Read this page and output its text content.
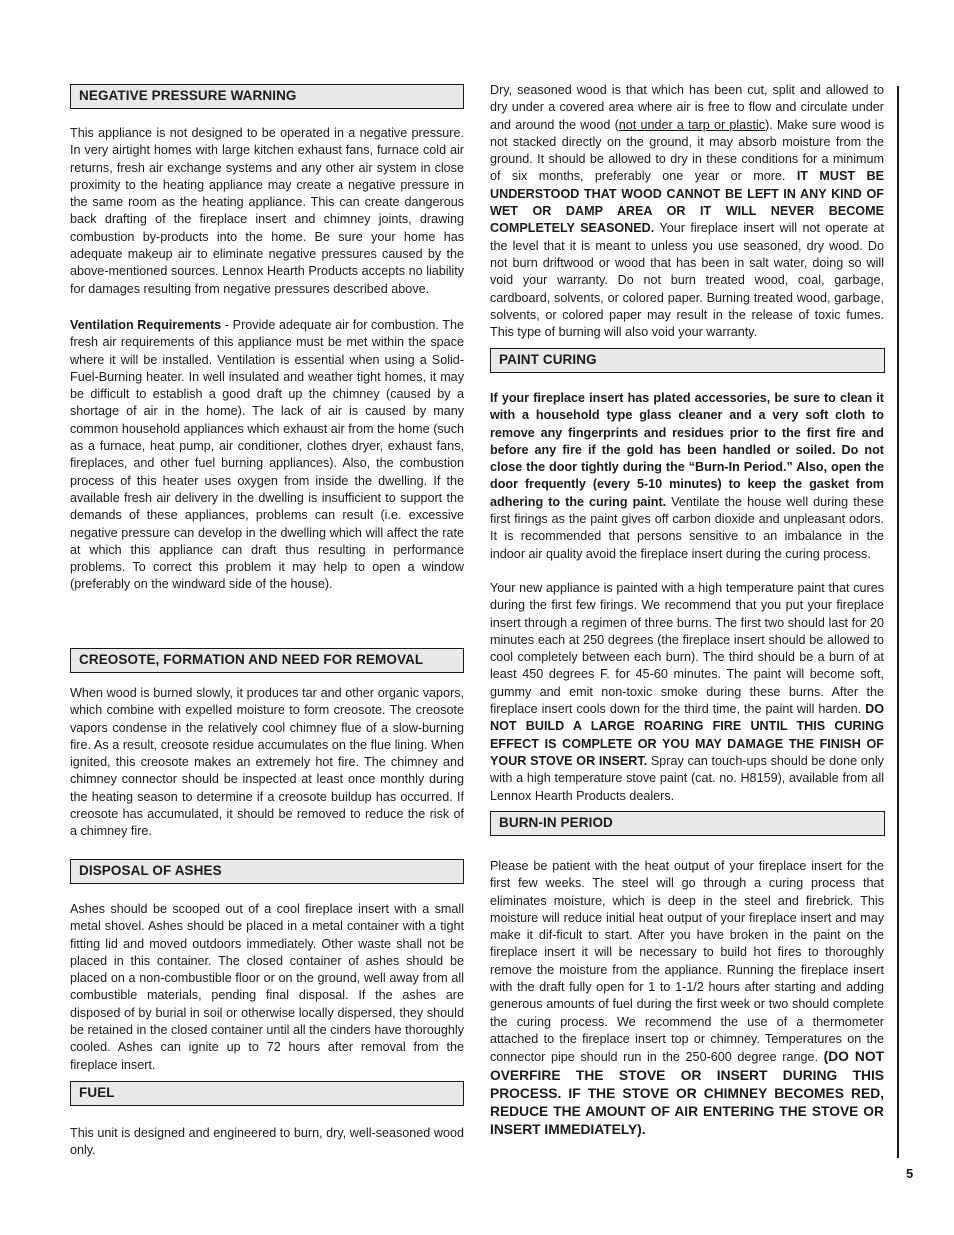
NEGATIVE PRESSURE WARNING

This appliance is not designed to be operated in a negative pressure. In very airtight homes with large kitchen exhaust fans, furnace cold air returns, fresh air exchange systems and any other air system in close proximity to the heating appliance may create a negative pressure in the same room as the heating appliance. This can create dangerous back drafting of the fireplace insert and chimney joints, drawing combustion by-products into the home. Be sure your home has adequate makeup air to eliminate negative pressures caused by the above-mentioned sources. Lennox Hearth Products accepts no liability for damages resulting from negative pressures described above.

Ventilation Requirements - Provide adequate air for combustion. The fresh air requirements of this appliance must be met within the space where it will be installed. Ventilation is essential when using a Solid-Fuel-Burning heater. In well insulated and weather tight homes, it may be difficult to establish a good draft up the chimney (caused by a shortage of air in the home). The lack of air is caused by many common household appliances which exhaust air from the home (such as a furnace, heat pump, air conditioner, clothes dryer, exhaust fans, fireplaces, and other fuel burning appliances). Also, the combustion process of this heater uses oxygen from inside the dwelling. If the available fresh air delivery in the dwelling is insufficient to support the demands of these appliances, problems can result (i.e. excessive negative pressure can develop in the dwelling which will affect the rate at which this appliance can draft thus resulting in performance problems. To correct this problem it may help to open a window (preferably on the windward side of the house).

CREOSOTE, FORMATION AND NEED FOR REMOVAL

When wood is burned slowly, it produces tar and other organic vapors, which combine with expelled moisture to form creosote. The creosote vapors condense in the relatively cool chimney flue of a slow-burning fire. As a result, creosote residue accumulates on the flue lining. When ignited, this creosote makes an extremely hot fire. The chimney and chimney connector should be inspected at least once monthly during the heating season to determine if a creosote buildup has occurred. If creosote has accumulated, it should be removed to reduce the risk of a chimney fire.

DISPOSAL OF ASHES

Ashes should be scooped out of a cool fireplace insert with a small metal shovel. Ashes should be placed in a metal container with a tight fitting lid and moved outdoors immediately. Other waste shall not be placed in this container. The closed container of ashes should be placed on a non-combustible floor or on the ground, well away from all combustible materials, pending final disposal. If the ashes are disposed of by burial in soil or otherwise locally dispersed, they should be retained in the closed container until all the cinders have thoroughly cooled. Ashes can ignite up to 72 hours after removal from the fireplace insert.

FUEL

This unit is designed and engineered to burn, dry, well-seasoned wood only.

Dry, seasoned wood is that which has been cut, split and allowed to dry under a covered area where air is free to flow and circulate under and around the wood (not under a tarp or plastic). Make sure wood is not stacked directly on the ground, it may absorb moisture from the ground. It should be allowed to dry in these conditions for a minimum of six months, preferably one year or more. IT MUST BE UNDERSTOOD THAT WOOD CANNOT BE LEFT IN ANY KIND OF WET OR DAMP AREA OR IT WILL NEVER BECOME COMPLETELY SEASONED. Your fireplace insert will not operate at the level that it is meant to unless you use seasoned, dry wood. Do not burn driftwood or wood that has been in salt water, doing so will void your warranty. Do not burn treated wood, coal, garbage, cardboard, solvents, or colored paper. Burning treated wood, garbage, solvents, or colored paper may result in the release of toxic fumes. This type of burning will also void your warranty.

PAINT CURING

If your fireplace insert has plated accessories, be sure to clean it with a household type glass cleaner and a very soft cloth to remove any fingerprints and residues prior to the first fire and before any fire if the gold has been handled or soiled. Do not close the door tightly during the “Burn-In Period.” Also, open the door frequently (every 5-10 minutes) to keep the gasket from adhering to the curing paint. Ventilate the house well during these first firings as the paint gives off carbon dioxide and unpleasant odors. It is recommended that persons sensitive to an imbalance in the indoor air quality avoid the fireplace insert during the curing process.

Your new appliance is painted with a high temperature paint that cures during the first few firings. We recommend that you put your fireplace insert through a regimen of three burns. The first two should last for 20 minutes each at 250 degrees (the fireplace insert should be allowed to cool completely between each burn). The third should be a burn of at least 450 degrees F. for 45-60 minutes. The paint will become soft, gummy and emit non-toxic smoke during these burns. After the fireplace insert cools down for the third time, the paint will harden. DO NOT BUILD A LARGE ROARING FIRE UNTIL THIS CURING EFFECT IS COMPLETE OR YOU MAY DAMAGE THE FINISH OF YOUR STOVE OR INSERT. Spray can touch-ups should be done only with a high temperature stove paint (cat. no. H8159), available from all Lennox Hearth Products dealers.

BURN-IN PERIOD

Please be patient with the heat output of your fireplace insert for the first few weeks. The steel will go through a curing process that eliminates moisture, which is deep in the steel and firebrick. This moisture will reduce initial heat output of your fireplace insert and may make it dif-ficult to start. After you have broken in the paint on the fireplace insert it will be necessary to build hot fires to thoroughly remove the moisture from the appliance. Running the fireplace insert with the draft fully open for 1 to 1-1/2 hours after starting and adding generous amounts of fuel during the first week or two should complete the curing process. We recommend the use of a thermometer attached to the fireplace insert top or chimney. Temperatures on the connector pipe should run in the 250-600 degree range. (DO NOT OVERFIRE THE STOVE OR INSERT DURING THIS PROCESS. IF THE STOVE OR CHIMNEY BECOMES RED, REDUCE THE AMOUNT OF AIR ENTERING THE STOVE OR INSERT IMMEDIATELY).

5
